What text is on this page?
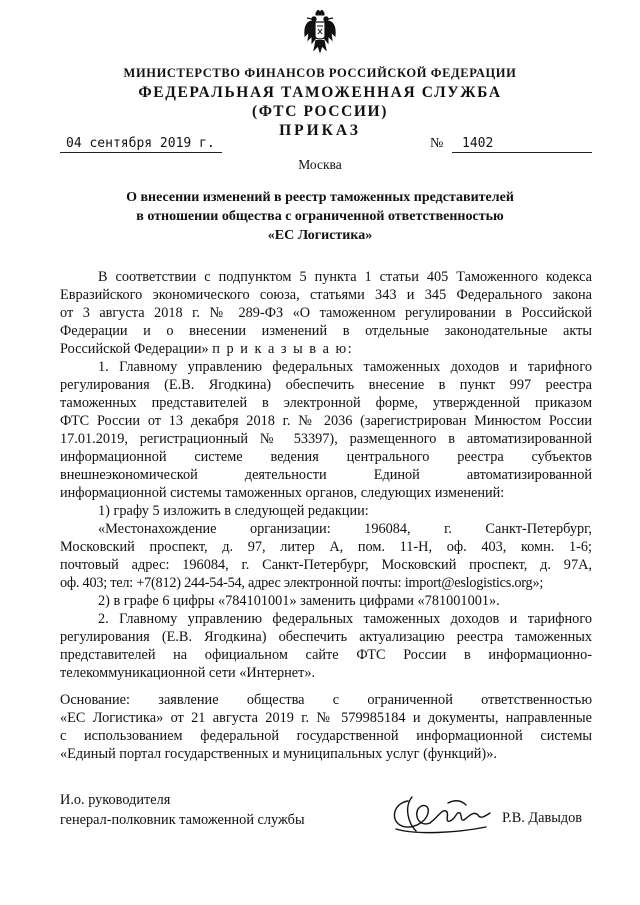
МИНИСТЕРСТВО ФИНАНСОВ РОССИЙСКОЙ ФЕДЕРАЦИИ
ФЕДЕРАЛЬНАЯ ТАМОЖЕННАЯ СЛУЖБА
(ФТС РОССИИ)
ПРИКАЗ
04 сентября 2019 г.	№ 1402
Москва
О внесении изменений в реестр таможенных представителей
в отношении общества с ограниченной ответственностью
«ЕС Логистика»
В соответствии с подпунктом 5 пункта 1 статьи 405 Таможенного кодекса
Евразийского экономического союза, статьями 343 и 345 Федерального закона
от 3 августа 2018 г. № 289-ФЗ «О таможенном регулировании в Российской
Федерации и о внесении изменений в отдельные законодательные акты
Российской Федерации» п р и к а з ы в а ю:
1. Главному управлению федеральных таможенных доходов и тарифного
регулирования (Е.В. Ягодкина) обеспечить внесение в пункт 997 реестра
таможенных представителей в электронной форме, утвержденной приказом
ФТС России от 13 декабря 2018 г. № 2036 (зарегистрирован Минюстом России
17.01.2019, регистрационный № 53397), размещенного в автоматизированной
информационной системе ведения центрального реестра субъектов
внешнеэкономической деятельности Единой автоматизированной
информационной системы таможенных органов, следующих изменений:
1) графу 5 изложить в следующей редакции:
«Местонахождение организации: 196084, г. Санкт-Петербург,
Московский проспект, д. 97, литер А, пом. 11-Н, оф. 403, комн. 1-6;
почтовый адрес: 196084, г. Санкт-Петербург, Московский проспект, д. 97А,
оф. 403; тел: +7(812) 244-54-54, адрес электронной почты: import@eslogistics.org»;
2) в графе 6 цифры «784101001» заменить цифрами «781001001».
2. Главному управлению федеральных таможенных доходов и тарифного
регулирования (Е.В. Ягодкина) обеспечить актуализацию реестра таможенных
представителей на официальном сайте ФТС России в информационно-
телекоммуникационной сети «Интернет».
Основание: заявление общества с ограниченной ответственностью
«ЕС Логистика» от 21 августа 2019 г. № 579985184 и документы, направленные
с использованием федеральной государственной информационной системы
«Единый портал государственных и муниципальных услуг (функций)».
И.о. руководителя
генерал-полковник таможенной службы	Р.В. Давыдов
